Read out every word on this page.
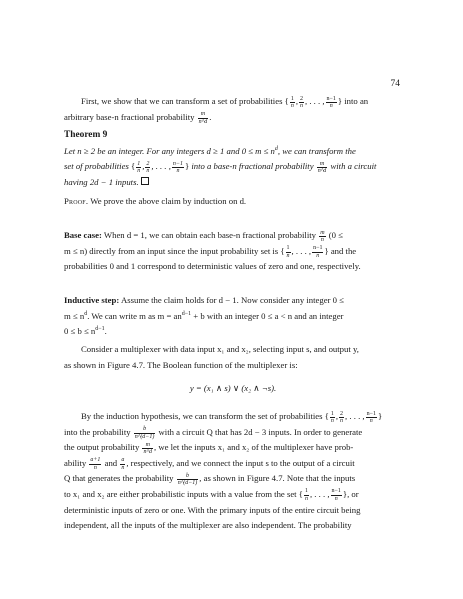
74
First, we show that we can transform a set of probabilities { $\frac{1}{n}$ , $\frac{2}{n}$ , . . . , $\frac{n-1}{n}$ } into an
arbitrary base-n fractional probability $\frac{m}{n\^{}d}$ .
Theorem 9
Let n ≥ 2 be an integer. For any integers d ≥ 1 and $0 \le m \le n^d$, we can transform the
set of probabilities { $\frac{1}{n}$ , $\frac{2}{n}$ , . . . , $\frac{n-1}{n}$ } into a base-n fractional probability $\frac{m}{n\^{}d}$ with a circuit
having 2d − 1 inputs.
Proof. We prove the above claim by induction on d.
Base case: When d = 1, we can obtain each base-n fractional probability $\frac{m}{n} (0$ ≤
m ≤ n) directly from an input since the input probability set is { $\frac{1}{n}$ , . . . , $\frac{n-1}{n}$ } and the
probabilities 0 and 1 correspond to deterministic values of zero and one, respectively.
Inductive step: Assume the claim holds for d − 1. Now consider any integer 0 ≤
$m \le n^d$. We can write m as $m = an^{d-1} + b$ with an integer 0 ≤ a < n and an integer
$0 \le b \le n^{d-1}$.
Consider a multiplexer with data input x₁ and x₂, selecting input s, and output y,
as shown in Figure 4.7. The Boolean function of the multiplexer is:
y = (x₁ ∧ s) ∨ (x₂ ∧ ¬s).
By the induction hypothesis, we can transform the set of probabilities { $\frac{1}{n}$ , $\frac{2}{n}$ , . . . , $\frac{n-1}{n}$ }
into the probability $\frac{b}{n\^{}(d-1)}$ with a circuit Q that has 2d − 3 inputs. In order to generate
the output probability $\frac{m}{n\^{}d}$ , we let the inputs x₁ and x₂ of the multiplexer have prob-
ability $\frac{a+1}{n}$ and $\frac{a}{n}$ , respectively, and we connect the input s to the output of a circuit
Q that generates the probability $\frac{b}{n\^{}(d-1)}$ , as shown in Figure 4.7. Note that the inputs
to x₁ and x₂ are either probabilistic inputs with a value from the set { $\frac{1}{n}$ , . . . , $\frac{n-1}{n}$ }, or
deterministic inputs of zero or one. With the primary inputs of the entire circuit being
independent, all the inputs of the multiplexer are also independent. The probability
